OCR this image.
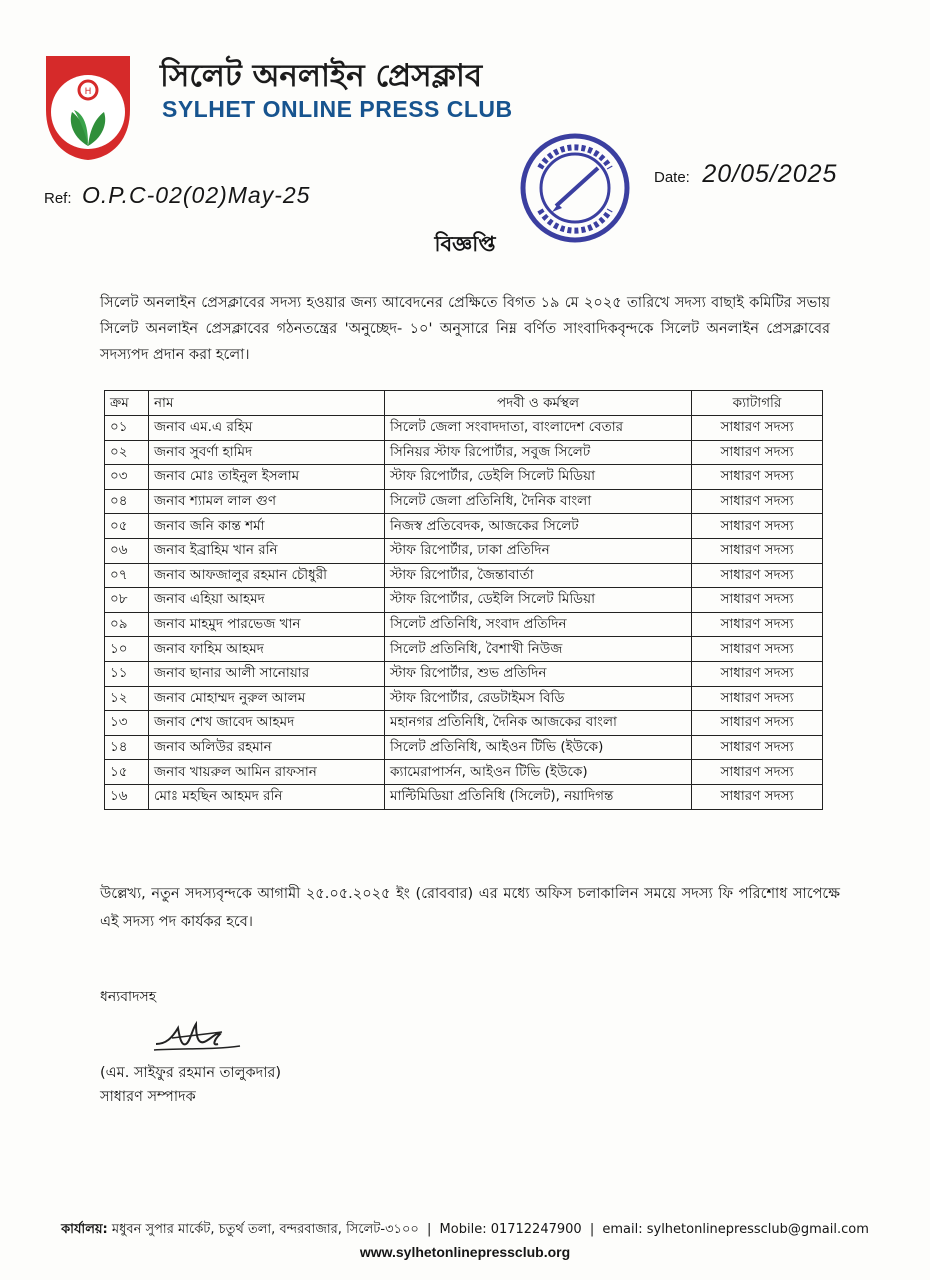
H সিলেট অনলাইন প্রেসক্লাব
SYLHET ONLINE PRESS CLUB
Ref: O.P.C-02(02)May-25
Date: 20/05/2025
বিজ্ঞপ্তি
সিলেট অনলাইন প্রেসক্লাবের সদস্য হওয়ার জন্য আবেদনের প্রেক্ষিতে বিগত ১৯ মে ২০২৫ তারিখে সদস্য বাছাই কমিটির সভায় সিলেট অনলাইন প্রেসক্লাবের গঠনতন্ত্রের 'অনুচ্ছেদ- ১০' অনুসারে নিম্ন বর্ণিত সাংবাদিকবৃন্দকে সিলেট অনলাইন প্রেসক্লাবের সদস্যপদ প্রদান করা হলো।
ক্রম	নাম	পদবী ও কর্মস্থল	ক্যাটাগরি
০১	জনাব এম.এ রহিম	সিলেট জেলা সংবাদদাতা, বাংলাদেশ বেতার	সাধারণ সদস্য
০২	জনাব সুবর্ণা হামিদ	সিনিয়র স্টাফ রিপোর্টার, সবুজ সিলেট	সাধারণ সদস্য
০৩	জনাব মোঃ তাইনুল ইসলাম	স্টাফ রিপোর্টার, ডেইলি সিলেট মিডিয়া	সাধারণ সদস্য
০৪	জনাব শ্যামল লাল গুণ	সিলেট জেলা প্রতিনিধি, দৈনিক বাংলা	সাধারণ সদস্য
০৫	জনাব জনি কান্ত শর্মা	নিজস্ব প্রতিবেদক, আজকের সিলেট	সাধারণ সদস্য
০৬	জনাব ইব্রাহিম খান রনি	স্টাফ রিপোর্টার, ঢাকা প্রতিদিন	সাধারণ সদস্য
০৭	জনাব আফজালুর রহমান চৌধুরী	স্টাফ রিপোর্টার, জৈন্তাবার্তা	সাধারণ সদস্য
০৮	জনাব এহিয়া আহমদ	স্টাফ রিপোর্টার, ডেইলি সিলেট মিডিয়া	সাধারণ সদস্য
০৯	জনাব মাহমুদ পারভেজ খান	সিলেট প্রতিনিধি, সংবাদ প্রতিদিন	সাধারণ সদস্য
১০	জনাব ফাহিম আহমদ	সিলেট প্রতিনিধি, বৈশাখী নিউজ	সাধারণ সদস্য
১১	জনাব ছানার আলী সানোয়ার	স্টাফ রিপোর্টার, শুভ প্রতিদিন	সাধারণ সদস্য
১২	জনাব মোহাম্মদ নুরুল আলম	স্টাফ রিপোর্টার, রেডটাইমস বিডি	সাধারণ সদস্য
১৩	জনাব শেখ জাবেদ আহমদ	মহানগর প্রতিনিধি, দৈনিক আজকের বাংলা	সাধারণ সদস্য
১৪	জনাব অলিউর রহমান	সিলেট প্রতিনিধি, আইওন টিভি (ইউকে)	সাধারণ সদস্য
১৫	জনাব খায়রুল আমিন রাফসান	ক্যামেরাপার্সন, আইওন টিভি (ইউকে)	সাধারণ সদস্য
১৬	মোঃ মহছিন আহমদ রনি	মাল্টিমিডিয়া প্রতিনিধি (সিলেট), নয়াদিগন্ত	সাধারণ সদস্য
উল্লেখ্য, নতুন সদস্যবৃন্দকে আগামী ২৫.০৫.২০২৫ ইং (রোববার) এর মধ্যে অফিস চলাকালিন সময়ে সদস্য ফি পরিশোধ সাপেক্ষে এই সদস্য পদ কার্যকর হবে।
ধন্যবাদসহ
(এম. সাইফুর রহমান তালুকদার)
সাধারণ সম্পাদক
কার্যালয়: মধুবন সুপার মার্কেট, চতুর্থ তলা, বন্দরবাজার, সিলেট-৩১০০ | Mobile: 01712247900 | email: sylhetonlinepressclub@gmail.com
www.sylhetonlinepressclub.org
